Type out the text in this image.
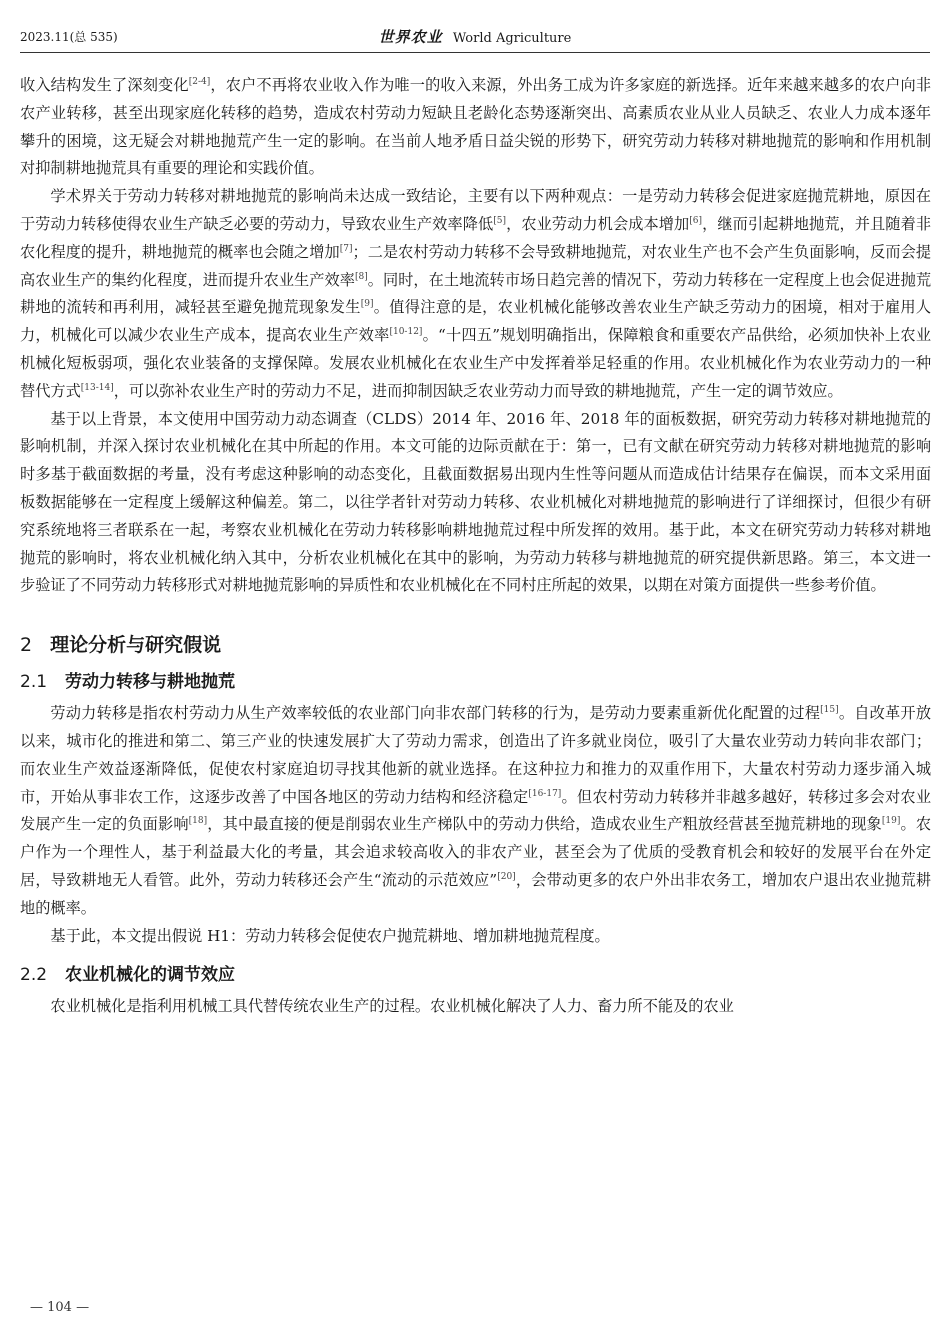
2023.11(总 535)	世界农业 World Agriculture

收入结构发生了深刻变化[2-4]，农户不再将农业收入作为唯一的收入来源，外出务工成为许多家庭的新选择。近年来越来越多的农户向非农产业转移，甚至出现家庭化转移的趋势，造成农村劳动力短缺且老龄化态势逐渐突出、高素质农业从业人员缺乏、农业人力成本逐年攀升的困境，这无疑会对耕地抛荒产生一定的影响。在当前人地矛盾日益尖锐的形势下，研究劳动力转移对耕地抛荒的影响和作用机制对抑制耕地抛荒具有重要的理论和实践价值。

学术界关于劳动力转移对耕地抛荒的影响尚未达成一致结论，主要有以下两种观点：一是劳动力转移会促进家庭抛荒耕地，原因在于劳动力转移使得农业生产缺乏必要的劳动力，导致农业生产效率降低[5]，农业劳动力机会成本增加[6]，继而引起耕地抛荒，并且随着非农化程度的提升，耕地抛荒的概率也会随之增加[7]；二是农村劳动力转移不会导致耕地抛荒，对农业生产也不会产生负面影响，反而会提高农业生产的集约化程度，进而提升农业生产效率[8]。同时，在土地流转市场日趋完善的情况下，劳动力转移在一定程度上也会促进抛荒耕地的流转和再利用，减轻甚至避免抛荒现象发生[9]。值得注意的是，农业机械化能够改善农业生产缺乏劳动力的困境，相对于雇用人力，机械化可以减少农业生产成本，提高农业生产效率[10-12]。“十四五”规划明确指出，保障粮食和重要农产品供给，必须加快补上农业机械化短板弱项，强化农业装备的支撑保障。发展农业机械化在农业生产中发挥着举足轻重的作用。农业机械化作为农业劳动力的一种替代方式[13-14]，可以弥补农业生产时的劳动力不足，进而抑制因缺乏农业劳动力而导致的耕地抛荒，产生一定的调节效应。

基于以上背景，本文使用中国劳动力动态调查（CLDS）2014 年、2016 年、2018 年的面板数据，研究劳动力转移对耕地抛荒的影响机制，并深入探讨农业机械化在其中所起的作用。本文可能的边际贡献在于：第一，已有文献在研究劳动力转移对耕地抛荒的影响时多基于截面数据的考量，没有考虑这种影响的动态变化，且截面数据易出现内生性等问题从而造成估计结果存在偏误，而本文采用面板数据能够在一定程度上缓解这种偏差。第二，以往学者针对劳动力转移、农业机械化对耕地抛荒的影响进行了详细探讨，但很少有研究系统地将三者联系在一起，考察农业机械化在劳动力转移影响耕地抛荒过程中所发挥的效用。基于此，本文在研究劳动力转移对耕地抛荒的影响时，将农业机械化纳入其中，分析农业机械化在其中的影响，为劳动力转移与耕地抛荒的研究提供新思路。第三，本文进一步验证了不同劳动力转移形式对耕地抛荒影响的异质性和农业机械化在不同村庄所起的效果，以期在对策方面提供一些参考价值。

2 理论分析与研究假说
2.1 劳动力转移与耕地抛荒

劳动力转移是指农村劳动力从生产效率较低的农业部门向非农部门转移的行为，是劳动力要素重新优化配置的过程[15]。自改革开放以来，城市化的推进和第二、第三产业的快速发展扩大了劳动力需求，创造出了许多就业岗位，吸引了大量农业劳动力转向非农部门；而农业生产效益逐渐降低，促使农村家庭迫切寻找其他新的就业选择。在这种拉力和推力的双重作用下，大量农村劳动力逐步涌入城市，开始从事非农工作，这逐步改善了中国各地区的劳动力结构和经济稳定[16-17]。但农村劳动力转移并非越多越好，转移过多会对农业发展产生一定的负面影响[18]，其中最直接的便是削弱农业生产梯队中的劳动力供给，造成农业生产粗放经营甚至抛荒耕地的现象[19]。农户作为一个理性人，基于利益最大化的考量，其会追求较高收入的非农产业，甚至会为了优质的受教育机会和较好的发展平台在外定居，导致耕地无人看管。此外，劳动力转移还会产生“流动的示范效应”[20]，会带动更多的农户外出非农务工，增加农户退出农业抛荒耕地的概率。

基于此，本文提出假说 H1：劳动力转移会促使农户抛荒耕地、增加耕地抛荒程度。

2.2 农业机械化的调节效应

农业机械化是指利用机械工具代替传统农业生产的过程。农业机械化解决了人力、畜力所不能及的农业

— 104 —
